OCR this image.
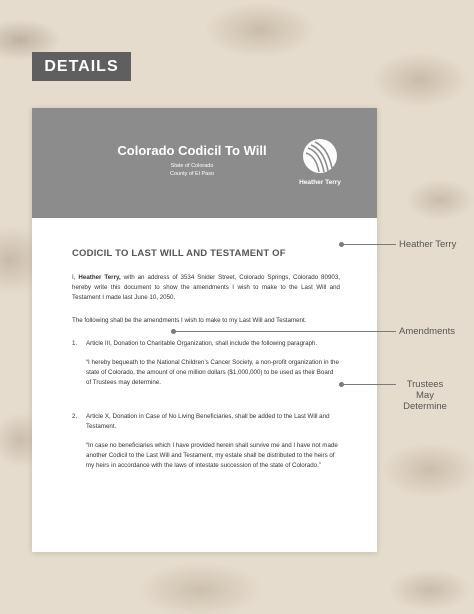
DETAILS
Colorado Codicil To Will
State of Colorado
County of El Paso
Heather Terry
CODICIL TO LAST WILL AND TESTAMENT OF

I, Heather Terry, with an address of 3534 Snider Street, Colorado Springs, Colorado 80903, hereby write this document to show the amendments I wish to make to the Last Will and Testament I made last June 10, 2050.

The following shall be the amendments I wish to make to my Last Will and Testament.

1.	Article III, Donation to Charitable Organization, shall include the following paragraph.

“I hereby bequeath to the National Children’s Cancer Society, a non-profit organization in the state of Colorado, the amount of one million dollars ($1,000,000) to be used as their Board of Trustees may determine.

2.	Article X, Donation in Case of No Living Beneficiaries, shall be added to the Last Will and Testament.

“In case no beneficiaries which I have provided herein shall survive me and I have not made another Codicil to the Last Will and Testament, my estate shall be distributed to the heirs of my heirs in accordance with the laws of intestate succession of the state of Colorado.”

Heather Terry
Amendments
Trustees May
Determine
